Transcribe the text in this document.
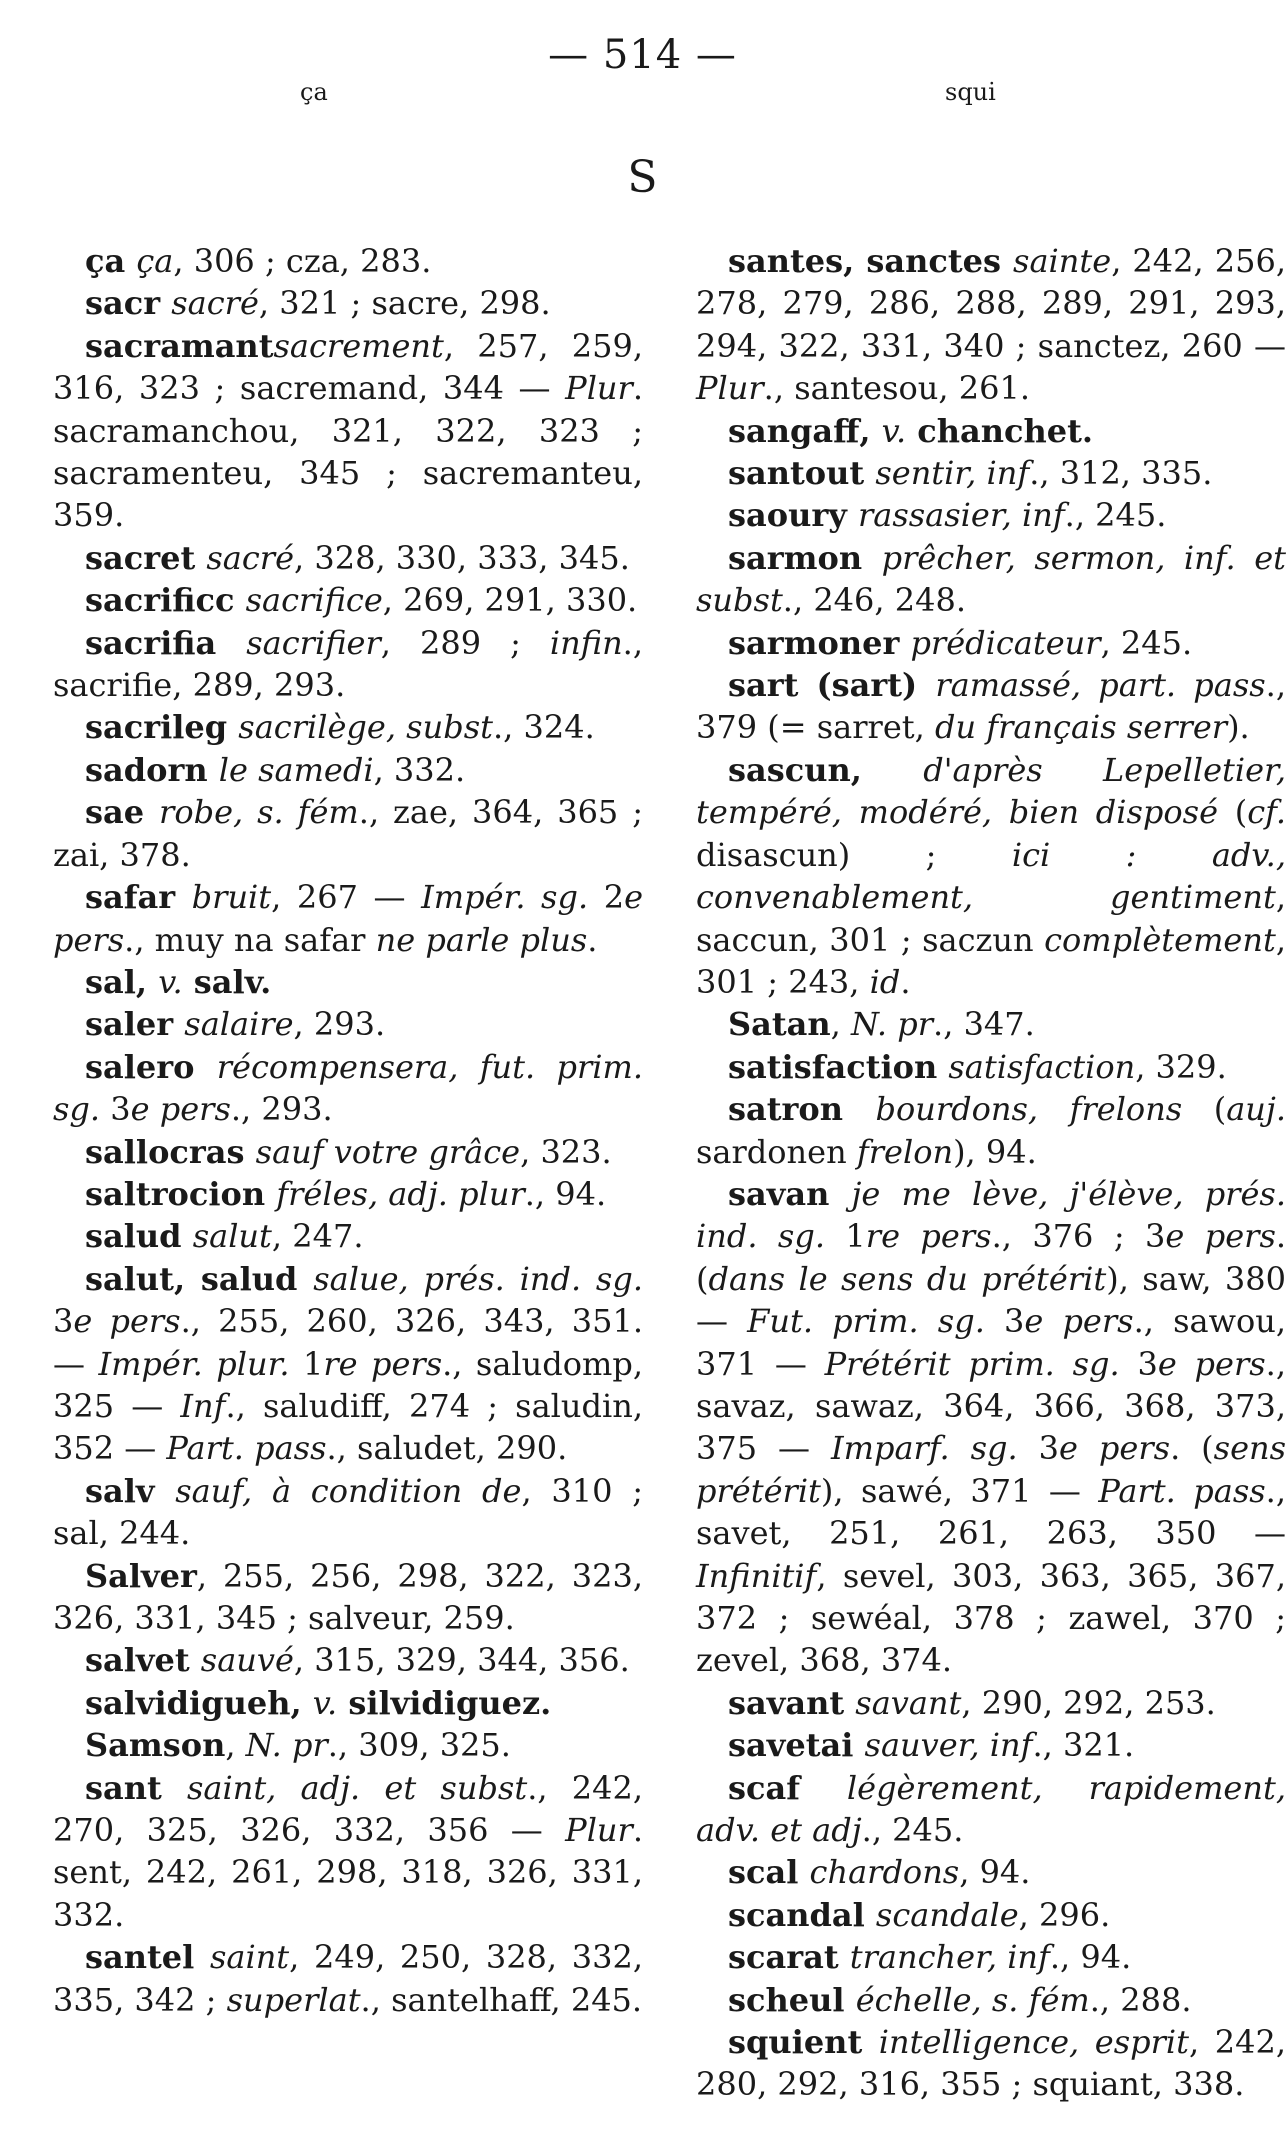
— 514 —
ça	squi
S

ça ça, 306 ; cza, 283.

sacr sacré, 321 ; sacre, 298.

sacramantsacrement, 257, 259, 316, 323 ; sacremand, 344 — Plur. sacramanchou, 321, 322, 323 ; sacramenteu, 345 ; sacremanteu, 359.

sacret sacré, 328, 330, 333, 345.

sacrificc sacrifice, 269, 291, 330.

sacrifia sacrifier, 289 ; infin., sacrifie, 289, 293.

sacrileg sacrilège, subst., 324.

sadorn le samedi, 332.

sae robe, s. fém., zae, 364, 365 ; zai, 378.

safar bruit, 267 — Impér. sg. 2e pers., muy na safar ne parle plus.

sal, v. salv.

saler salaire, 293.

salero récompensera, fut. prim. sg. 3e pers., 293.

sallocras sauf votre grâce, 323.

saltrocion fréles, adj. plur., 94.

salud salut, 247.

salut, salud salue, prés. ind. sg. 3e pers., 255, 260, 326, 343, 351. — Impér. plur. 1re pers., saludomp, 325 — Inf., saludiff, 274 ; saludin, 352 — Part. pass., saludet, 290.

salv sauf, à condition de, 310 ; sal, 244.

Salver, 255, 256, 298, 322, 323, 326, 331, 345 ; salveur, 259.

salvet sauvé, 315, 329, 344, 356.

salvidigueh, v. silvidiguez.

Samson, N. pr., 309, 325.

sant saint, adj. et subst., 242, 270, 325, 326, 332, 356 — Plur. sent, 242, 261, 298, 318, 326, 331, 332.

santel saint, 249, 250, 328, 332, 335, 342 ; superlat., santelhaff, 245.

santes, sanctes sainte, 242, 256, 278, 279, 286, 288, 289, 291, 293, 294, 322, 331, 340 ; sanctez, 260 — Plur., santesou, 261.

sangaff, v. chanchet.

santout sentir, inf., 312, 335.

saoury rassasier, inf., 245.

sarmon prêcher, sermon, inf. et subst., 246, 248.

sarmoner prédicateur, 245.

sart (sart) ramassé, part. pass., 379 (= sarret, du français serrer).

sascun, d'après Lepelletier, tempéré, modéré, bien disposé (cf. disascun) ; ici : adv., convenablement, gentiment, saccun, 301 ; saczun complètement, 301 ; 243, id.

Satan, N. pr., 347.

satisfaction satisfaction, 329.

satron bourdons, frelons (auj. sardonen frelon), 94.

savan je me lève, j'élève, prés. ind. sg. 1re pers., 376 ; 3e pers. (dans le sens du prétérit), saw, 380 — Fut. prim. sg. 3e pers., sawou, 371 — Prétérit prim. sg. 3e pers., savaz, sawaz, 364, 366, 368, 373, 375 — Imparf. sg. 3e pers. (sens prétérit), sawé, 371 — Part. pass., savet, 251, 261, 263, 350 — Infinitif, sevel, 303, 363, 365, 367, 372 ; sewéal, 378 ; zawel, 370 ; zevel, 368, 374.

savant savant, 290, 292, 253.

savetai sauver, inf., 321.

scaf légèrement, rapidement, adv. et adj., 245.

scal chardons, 94.

scandal scandale, 296.

scarat trancher, inf., 94.

scheul échelle, s. fém., 288.

squient intelligence, esprit, 242, 280, 292, 316, 355 ; squiant, 338.
